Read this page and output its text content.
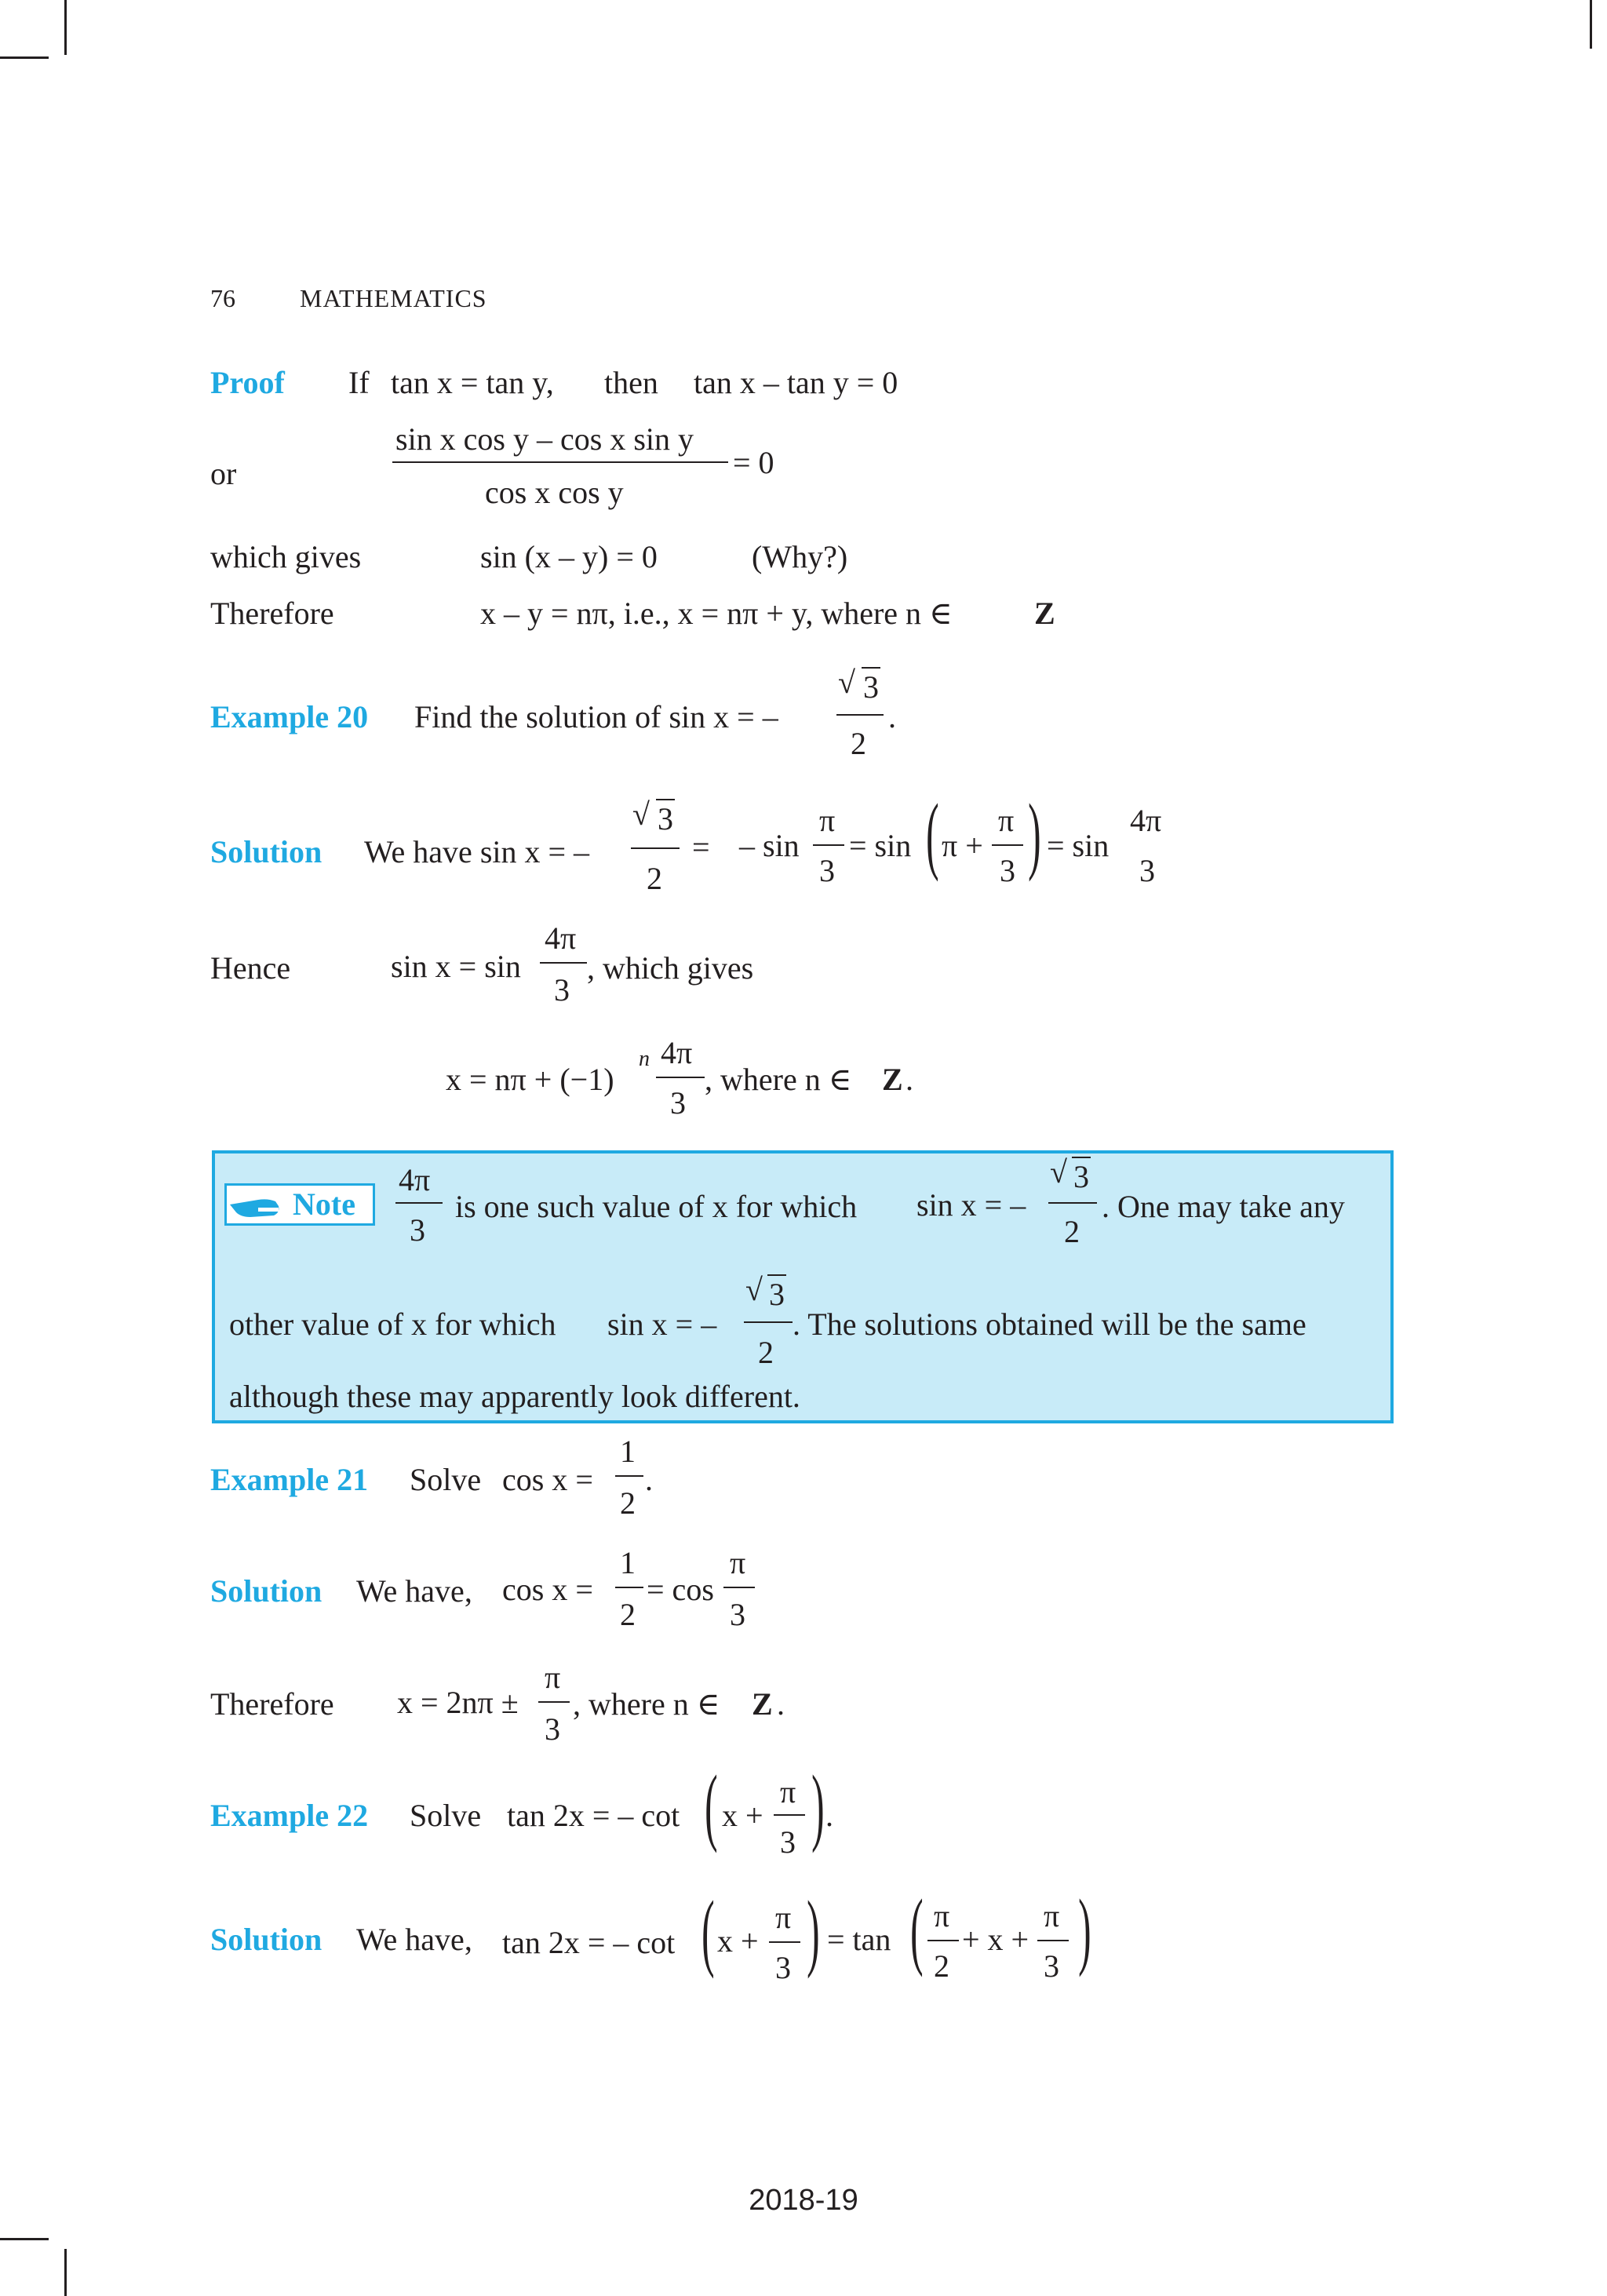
76	MATHEMATICS
Proof If tan x = tan y, then tan x – tan y = 0
or
sin x cos y – cos x sin y
cos x cos y
= 0
which gives	sin (x – y) = 0	(Why?)
Therefore	x – y = nπ, i.e., x = nπ + y, where n ∈	Z
Example 20 Find the solution of sin x = –
√ 3
2
.
Solution We have sin x = –
√ 3
2
= – sin
π
3
= sin ( π +
π
3 ) = sin
4π
3
Hence	sin x = sin
4π
3
, which gives
x = nπ + (−1)
n 4π
3
, where n ∈ Z .
Note
4π
3
is one such value of x for which sin x = –
√ 3
2
. One may take any
other value of x for which sin x = –
√ 3
2
. The solutions obtained will be the same
although these may apparently look different.
Example 21 Solve cos x =
1
2
.
Solution We have, cos x =
1
2
= cos
π
3
Therefore x = 2nπ ±
π
3
, where n ∈ Z .
Example 22 Solve tan 2x = – cot ( x +
π
3 ) .
Solution We have, tan 2x = – cot ( x +
π
3 ) = tan ( π
2
+ x +
π
3 )
2018-19
